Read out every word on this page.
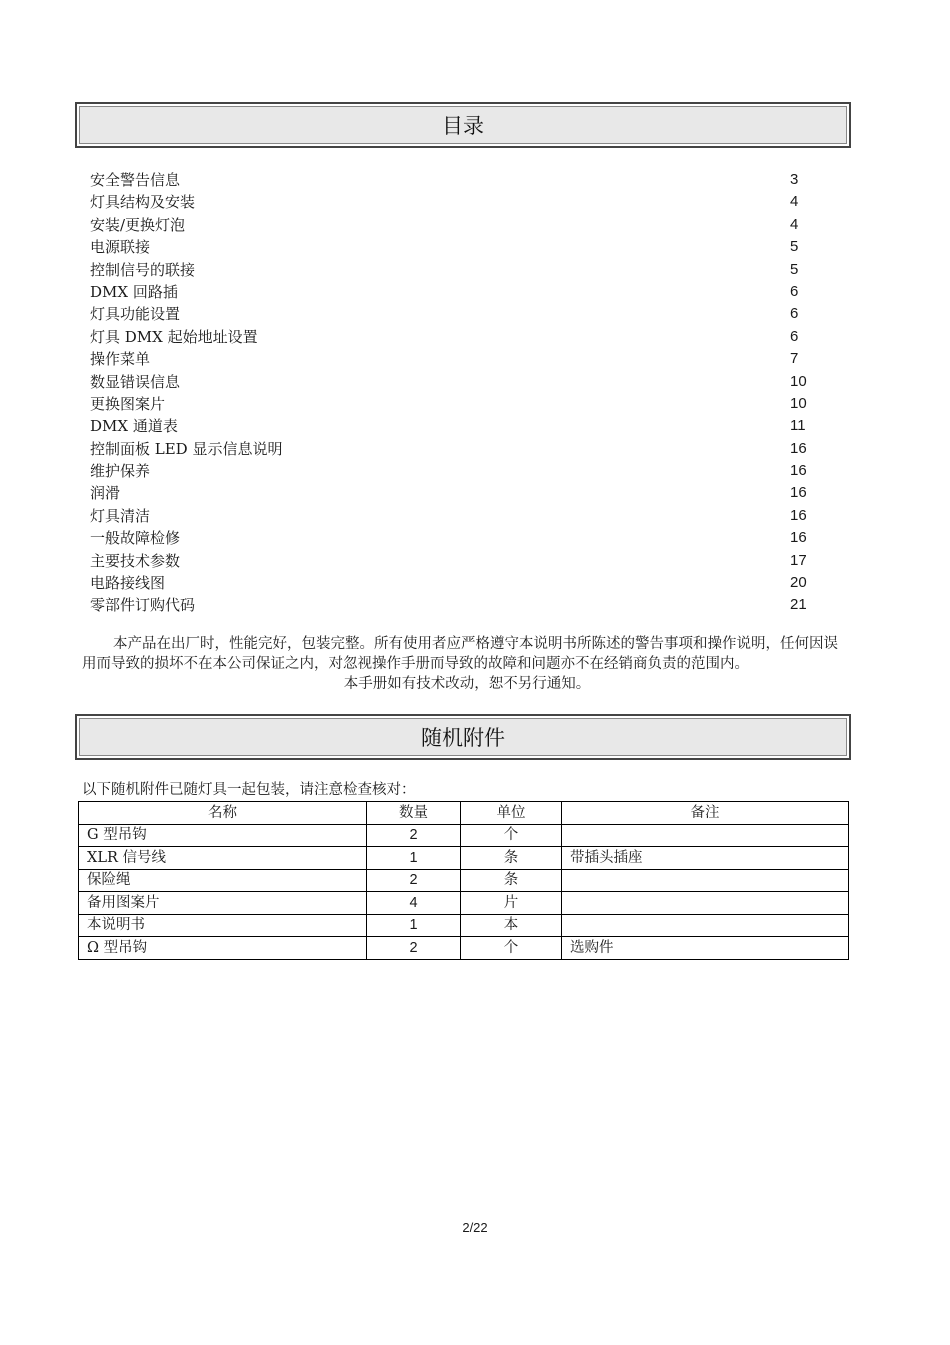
目录
安全警告信息	3
灯具结构及安装	4
安装/更换灯泡	4
电源联接	5
控制信号的联接	5
DMX 回路插	6
灯具功能设置	6
灯具 DMX 起始地址设置	6
操作菜单	7
数显错误信息	10
更换图案片	10
DMX 通道表	11
控制面板 LED 显示信息说明	16
维护保养	16
润滑	16
灯具清洁	16
一般故障检修	16
主要技术参数	17
电路接线图	20
零部件订购代码	21

本产品在出厂时，性能完好，包装完整。所有使用者应严格遵守本说明书所陈述的警告事项和操作说明，任何因误用而导致的损坏不在本公司保证之内，对忽视操作手册而导致的故障和问题亦不在经销商负责的范围内。

本手册如有技术改动，恕不另行通知。

随机附件
以下随机附件已随灯具一起包装，请注意检查核对：
名称	数量	单位	备注
G 型吊钩	2	个	
XLR 信号线	1	条	带插头插座
保险绳	2	条	
备用图案片	4	片	
本说明书	1	本	
Ω 型吊钩	2	个	选购件
2/22
